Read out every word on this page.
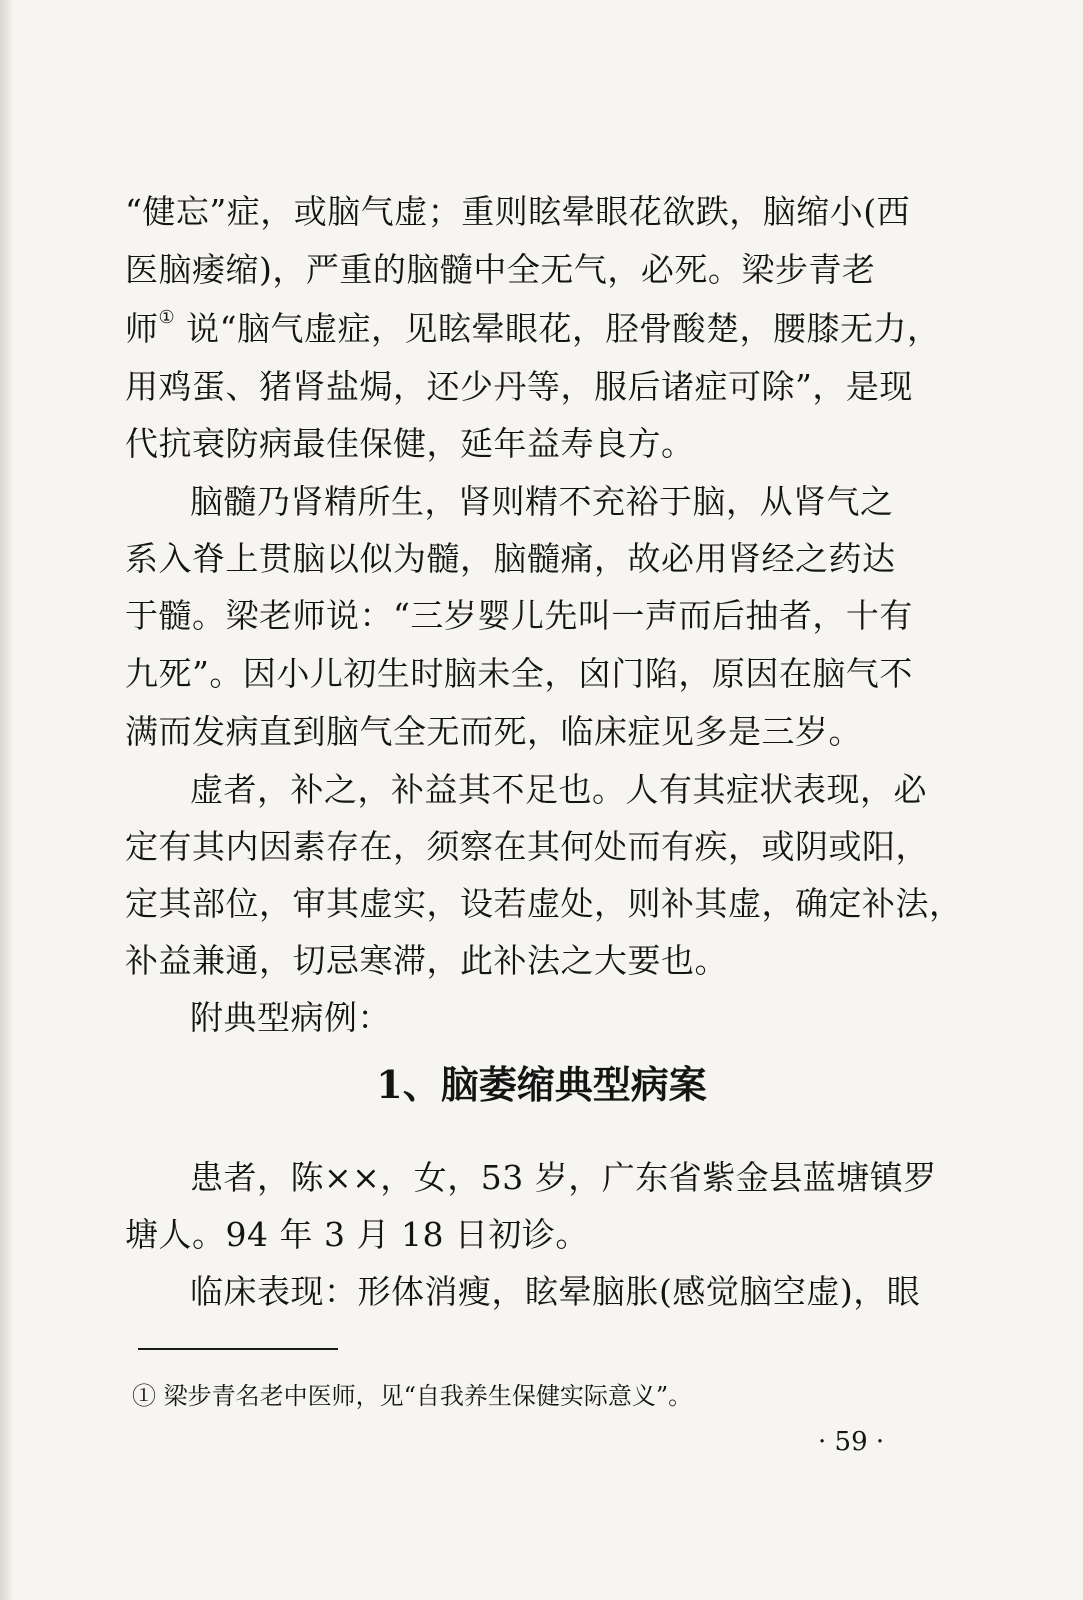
“健忘”症，或脑气虚；重则眩晕眼花欲跌，脑缩小(西
医脑痿缩)，严重的脑髓中全无气，必死。梁步青老
师① 说“脑气虚症，见眩晕眼花，胫骨酸楚，腰膝无力，
用鸡蛋、猪肾盐焗，还少丹等，服后诸症可除”，是现
代抗衰防病最佳保健，延年益寿良方。
脑髓乃肾精所生，肾则精不充裕于脑，从肾气之
系入脊上贯脑以似为髓，脑髓痛，故必用肾经之药达
于髓。梁老师说：“三岁婴儿先叫一声而后抽者，十有
九死”。因小儿初生时脑未全，囟门陷，原因在脑气不
满而发病直到脑气全无而死，临床症见多是三岁。
虚者，补之，补益其不足也。人有其症状表现，必
定有其内因素存在，须察在其何处而有疾，或阴或阳，
定其部位，审其虚实，设若虚处，则补其虚，确定补法，
补益兼通，切忌寒滞，此补法之大要也。
附典型病例：
1、脑萎缩典型病案
患者，陈××，女，53 岁，广东省紫金县蓝塘镇罗
塘人。94 年 3 月 18 日初诊。
临床表现：形体消瘦，眩晕脑胀(感觉脑空虚)，眼
① 梁步青名老中医师，见“自我养生保健实际意义”。
· 59 ·
